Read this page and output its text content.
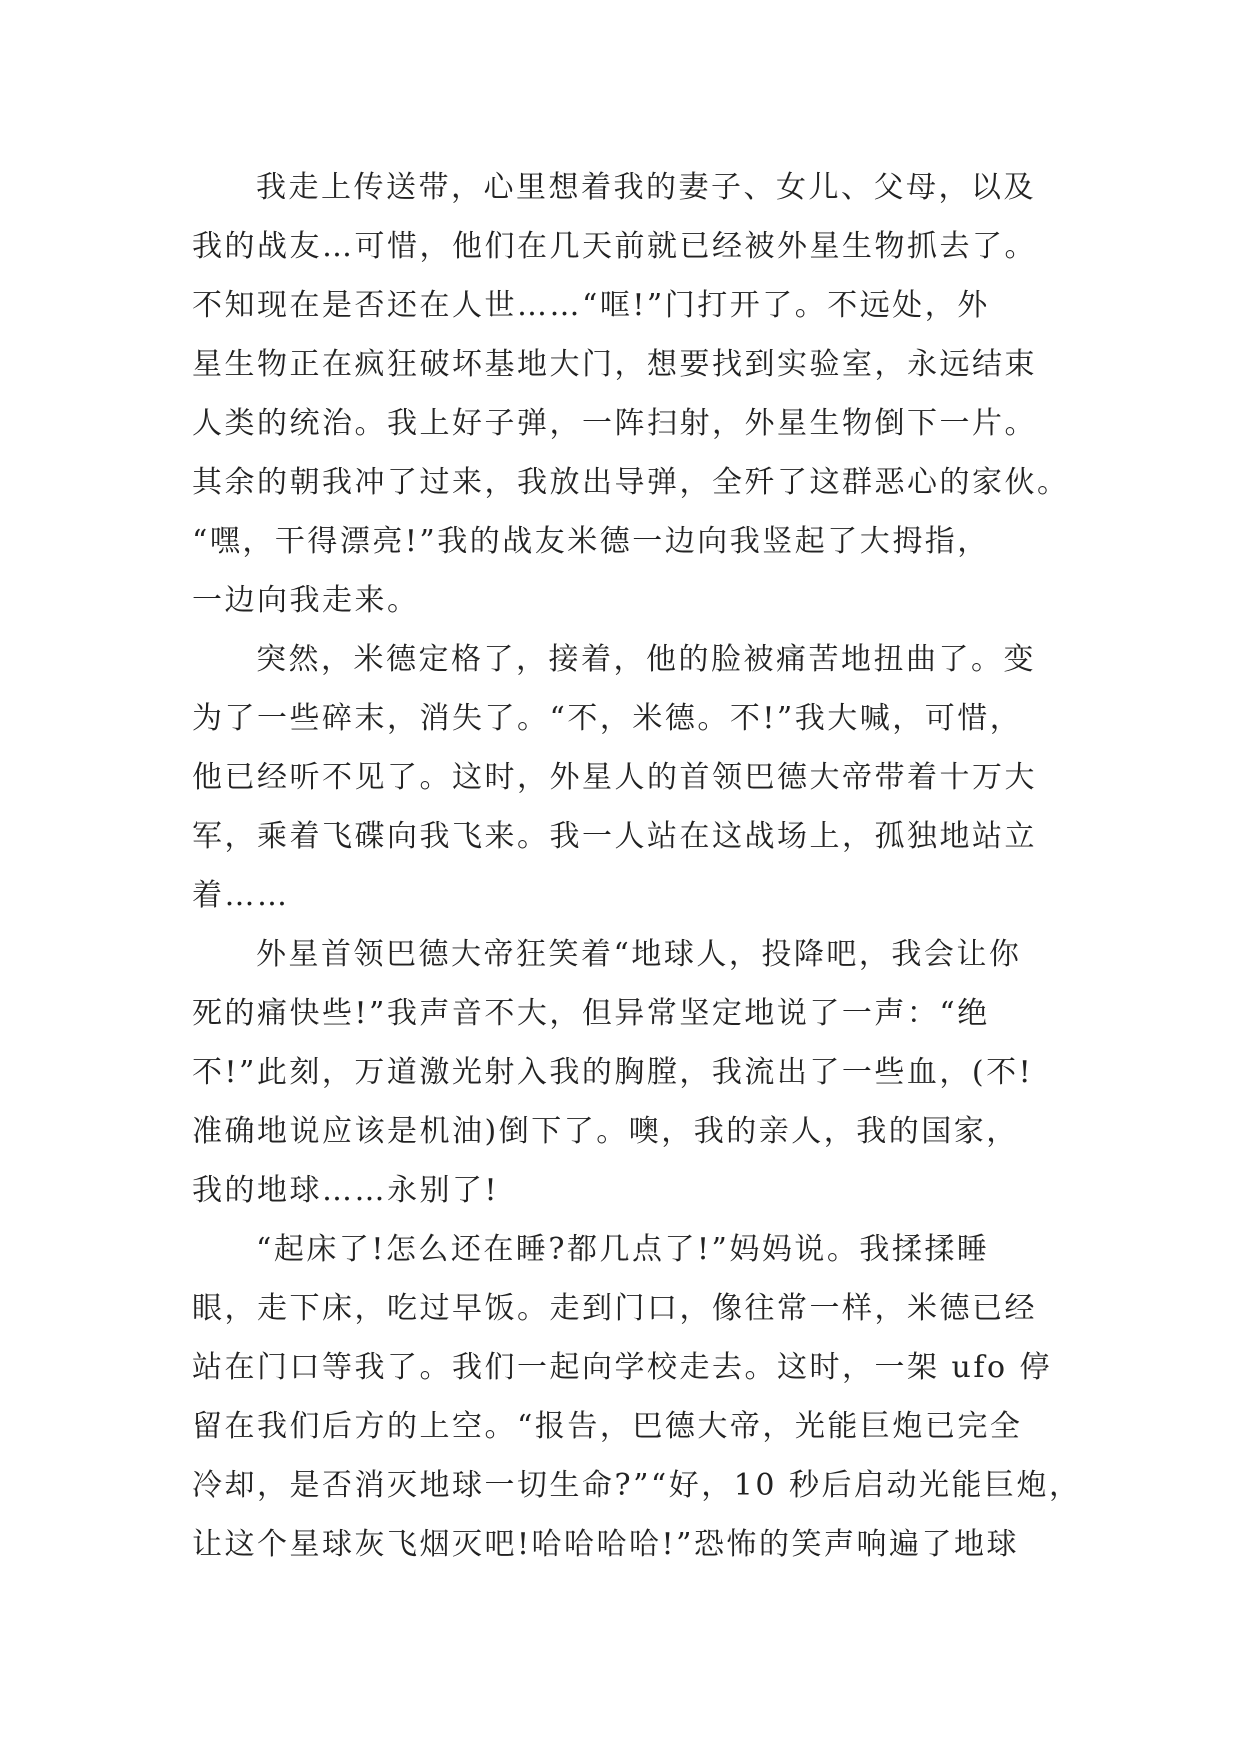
我走上传送带，心里想着我的妻子、女儿、父母，以及
我的战友…可惜，他们在几天前就已经被外星生物抓去了。
不知现在是否还在人世……“哐!”门打开了。不远处，外
星生物正在疯狂破坏基地大门，想要找到实验室，永远结束
人类的统治。我上好子弹，一阵扫射，外星生物倒下一片。
其余的朝我冲了过来，我放出导弹，全歼了这群恶心的家伙。
“嘿，干得漂亮!”我的战友米德一边向我竖起了大拇指，
一边向我走来。
突然，米德定格了，接着，他的脸被痛苦地扭曲了。变
为了一些碎末，消失了。“不，米德。不!”我大喊，可惜，
他已经听不见了。这时，外星人的首领巴德大帝带着十万大
军，乘着飞碟向我飞来。我一人站在这战场上，孤独地站立
着……
外星首领巴德大帝狂笑着“地球人，投降吧，我会让你
死的痛快些!”我声音不大，但异常坚定地说了一声：“绝
不!”此刻，万道激光射入我的胸膛，我流出了一些血，(不!
准确地说应该是机油)倒下了。噢，我的亲人，我的国家，
我的地球……永别了!
“起床了!怎么还在睡?都几点了!”妈妈说。我揉揉睡
眼，走下床，吃过早饭。走到门口，像往常一样，米德已经
站在门口等我了。我们一起向学校走去。这时，一架 ufo 停
留在我们后方的上空。“报告，巴德大帝，光能巨炮已完全
冷却，是否消灭地球一切生命?”“好，10 秒后启动光能巨炮，
让这个星球灰飞烟灭吧!哈哈哈哈!”恐怖的笑声响遍了地球
